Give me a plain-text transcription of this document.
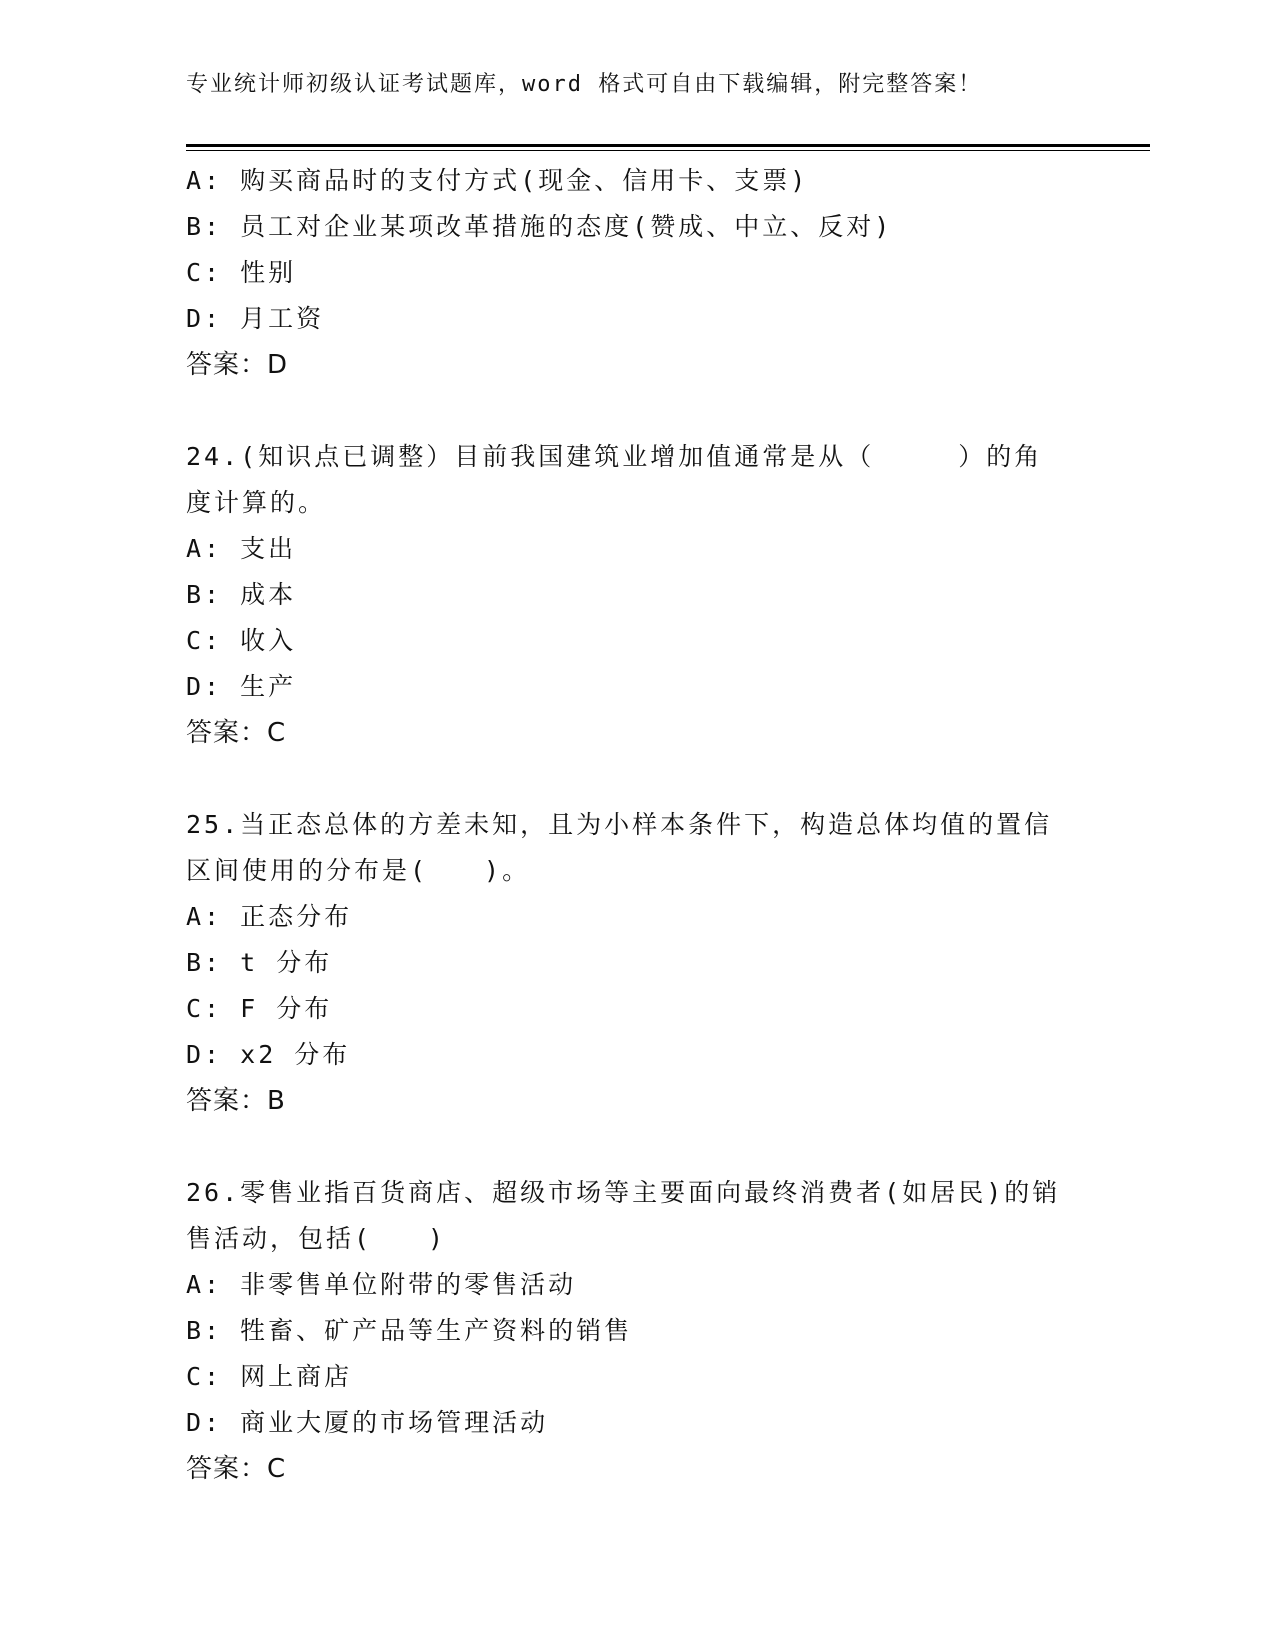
专业统计师初级认证考试题库，word 格式可自由下载编辑，附完整答案！
A: 购买商品时的支付方式(现金、信用卡、支票)
B: 员工对企业某项改革措施的态度(赞成、中立、反对)
C: 性别
D: 月工资
答案：D
24.(知识点已调整）目前我国建筑业增加值通常是从（　　　）的角
度计算的。
A: 支出
B: 成本
C: 收入
D: 生产
答案：C
25.当正态总体的方差未知，且为小样本条件下，构造总体均值的置信
区间使用的分布是(　　)。
A: 正态分布
B: t 分布
C: F 分布
D: x2 分布
答案：B
26.零售业指百货商店、超级市场等主要面向最终消费者(如居民)的销
售活动，包括(　　)
A: 非零售单位附带的零售活动
B: 牲畜、矿产品等生产资料的销售
C: 网上商店
D: 商业大厦的市场管理活动
答案：C
